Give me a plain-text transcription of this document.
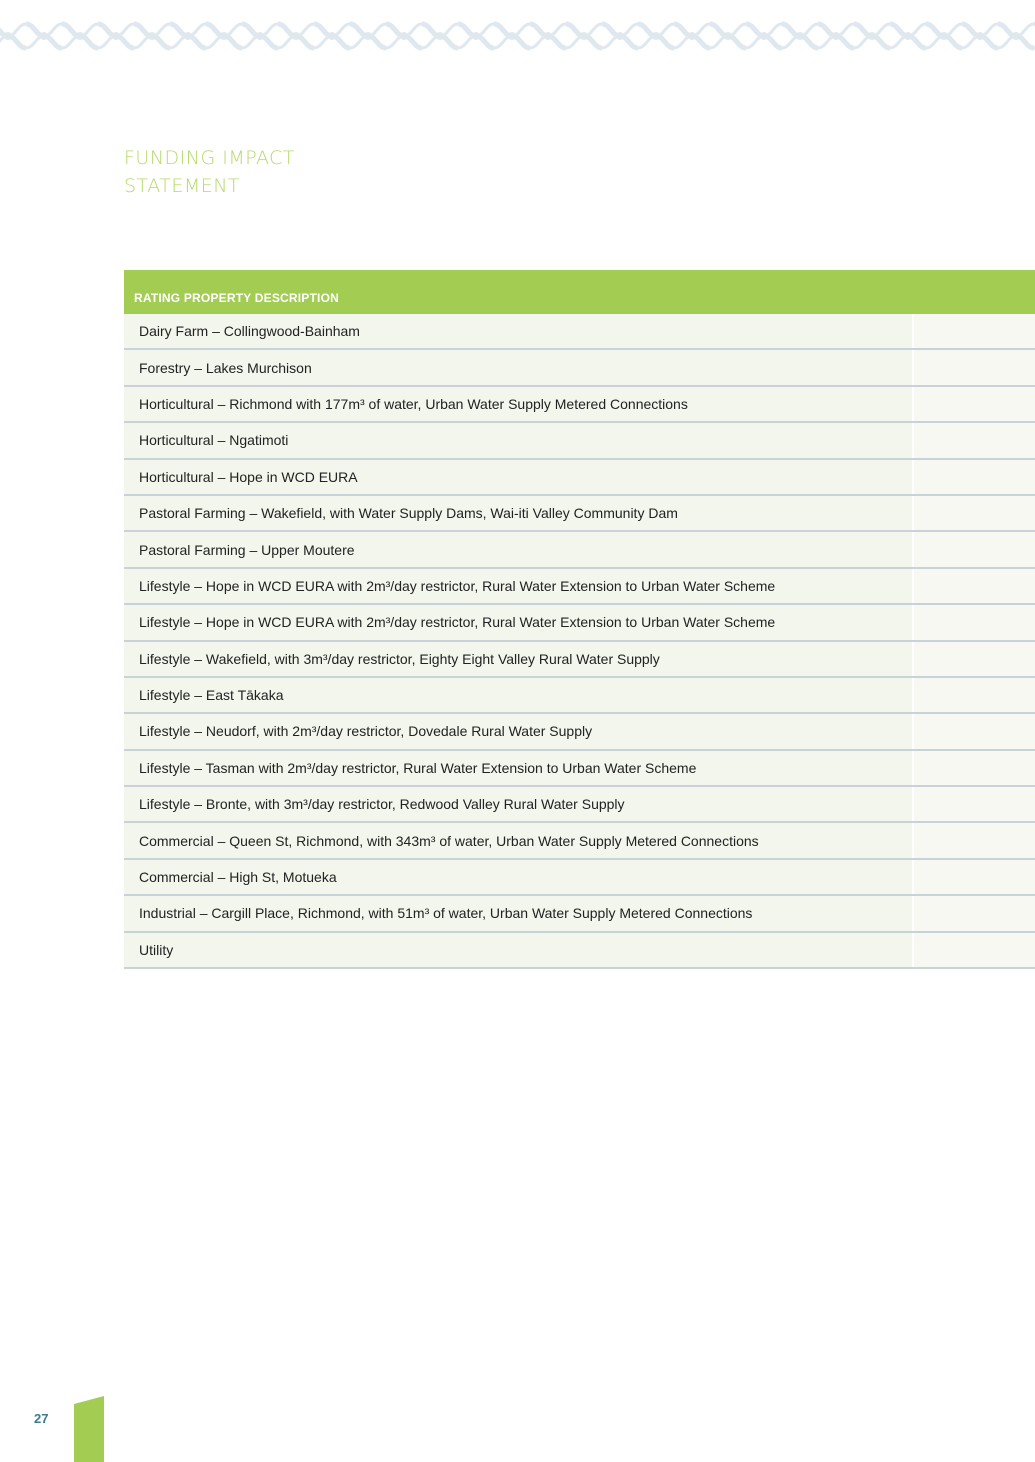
FUNDING IMPACT
STATEMENT
RATING PROPERTY DESCRIPTION
Dairy Farm – Collingwood-Bainham
Forestry – Lakes Murchison
Horticultural – Richmond with 177m³ of water, Urban Water Supply Metered Connections
Horticultural – Ngatimoti
Horticultural – Hope in WCD EURA
Pastoral Farming – Wakefield, with Water Supply Dams, Wai-iti Valley Community Dam
Pastoral Farming – Upper Moutere
Lifestyle – Hope in WCD EURA with 2m³/day restrictor, Rural Water Extension to Urban Water Scheme
Lifestyle – Hope in WCD EURA with 2m³/day restrictor, Rural Water Extension to Urban Water Scheme
Lifestyle – Wakefield, with 3m³/day restrictor, Eighty Eight Valley Rural Water Supply
Lifestyle – East Tākaka
Lifestyle – Neudorf, with 2m³/day restrictor, Dovedale Rural Water Supply
Lifestyle – Tasman with 2m³/day restrictor, Rural Water Extension to Urban Water Scheme
Lifestyle – Bronte, with 3m³/day restrictor, Redwood Valley Rural Water Supply
Commercial – Queen St, Richmond, with 343m³ of water, Urban Water Supply Metered Connections
Commercial – High St, Motueka
Industrial – Cargill Place, Richmond, with 51m³ of water, Urban Water Supply Metered Connections
Utility
27
